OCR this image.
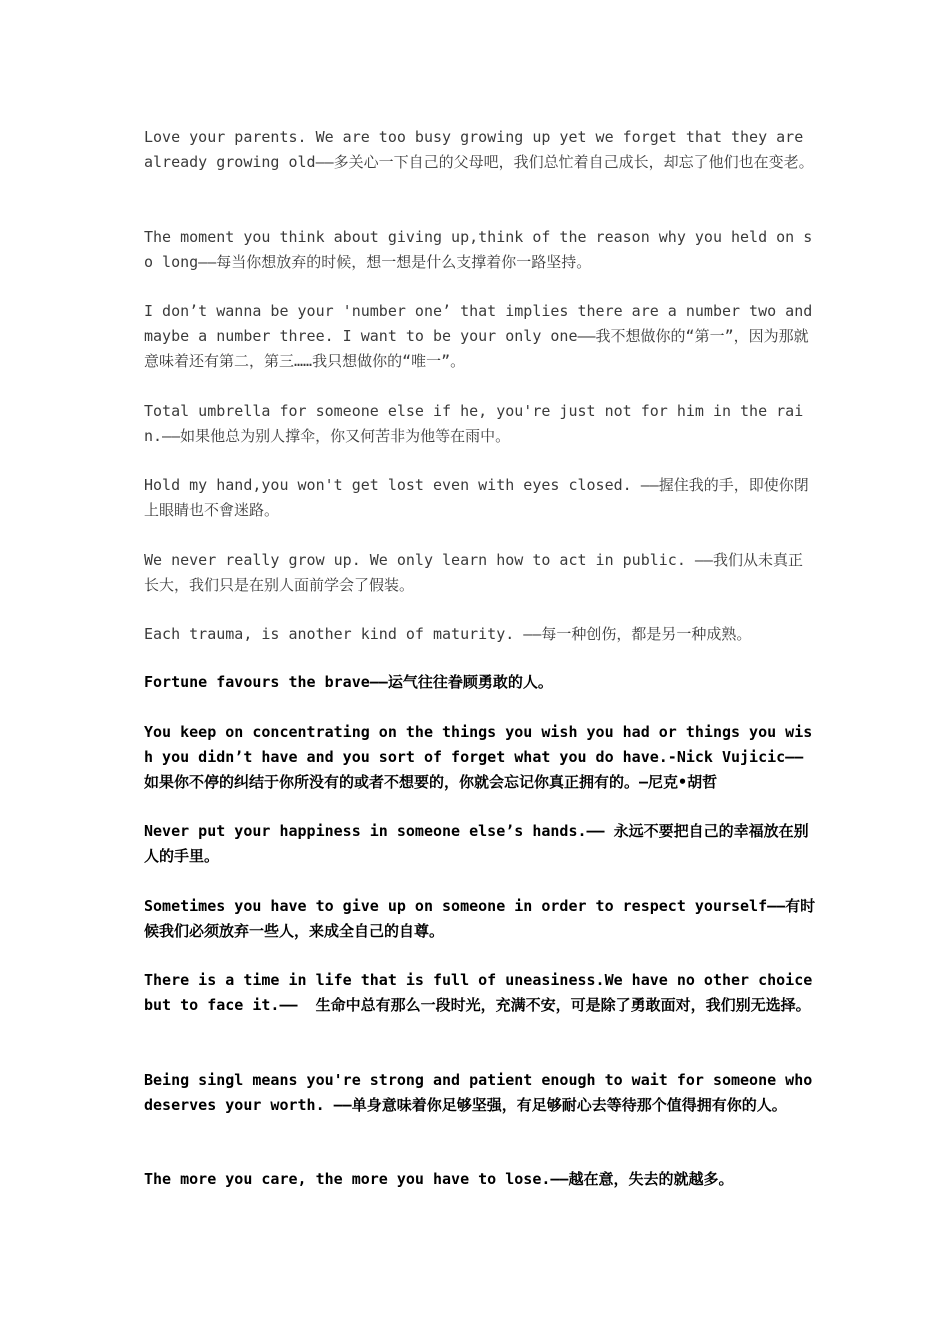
Love your parents. We are too busy growing up yet we forget that they are already growing old——多关心一下自己的父母吧，我们总忙着自己成长，却忘了他们也在变老。
The moment you think about giving up,think of the reason why you held on so long——每当你想放弃的时候，想一想是什么支撑着你一路坚持。
I don’t wanna be your 'number one’ that implies there are a number two and maybe a number three. I want to be your only one——我不想做你的“第一”，因为那就意味着还有第二，第三……我只想做你的“唯一”。
Total umbrella for someone else if he, you're just not for him in the rain.——如果他总为别人撑伞，你又何苦非为他等在雨中。
Hold my hand,you won't get lost even with eyes closed. ——握住我的手，即使你閉上眼睛也不會迷路。
We never really grow up. We only learn how to act in public. ——我们从未真正长大，我们只是在别人面前学会了假装。
Each trauma, is another kind of maturity. ——每一种创伤，都是另一种成熟。
Fortune favours the brave——运气往往眷顾勇敢的人。
You keep on concentrating on the things you wish you had or things you wish you didn’t have and you sort of forget what you do have.-Nick Vujicic——如果你不停的纠结于你所没有的或者不想要的，你就会忘记你真正拥有的。—尼克•胡哲
Never put your happiness in someone else’s hands.—— 永远不要把自己的幸福放在别人的手里。
Sometimes you have to give up on someone in order to respect yourself——有时候我们必须放弃一些人，来成全自己的自尊。
There is a time in life that is full of uneasiness.We have no other choice but to face it.——  生命中总有那么一段时光，充满不安，可是除了勇敢面对，我们别无选择。
Being singl means you're strong and patient enough to wait for someone who deserves your worth. ——单身意味着你足够坚强，有足够耐心去等待那个值得拥有你的人。
The more you care, the more you have to lose.——越在意，失去的就越多。
